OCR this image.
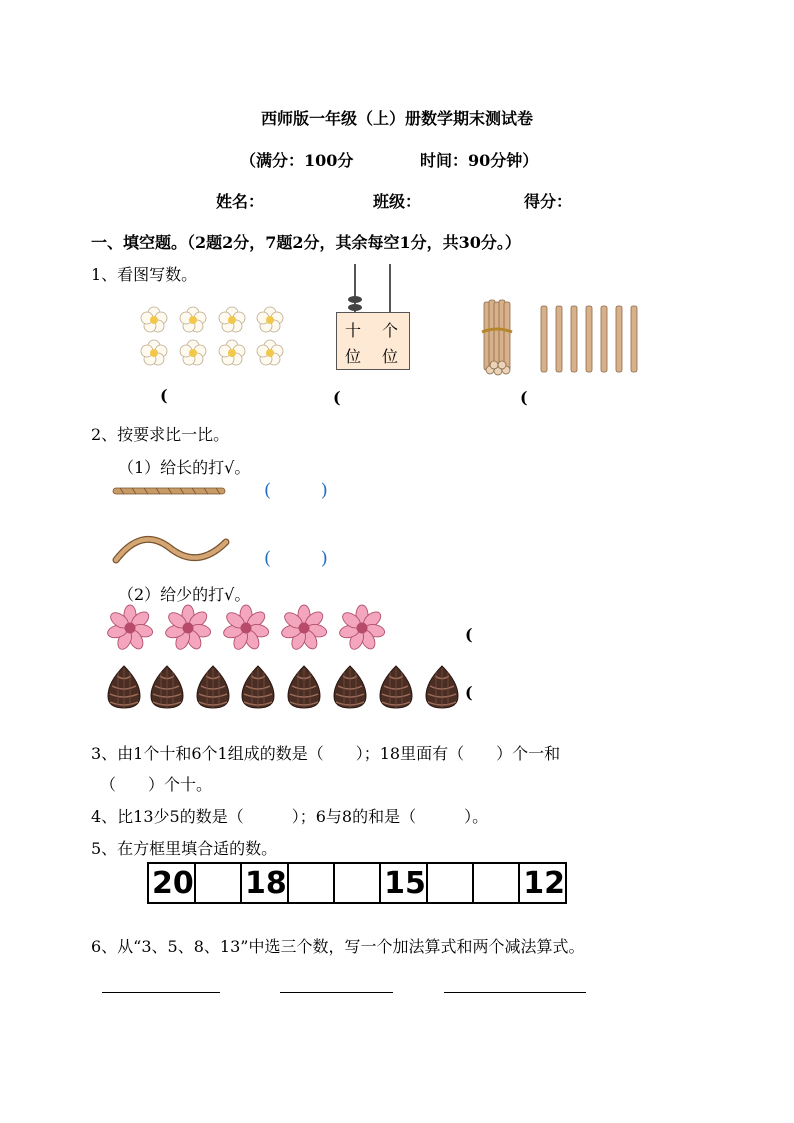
西师版一年级（上）册数学期末测试卷
（满分：100分	时间：90分钟）
姓名：	班级：	得分：
一、填空题。（2题2分，7题2分，其余每空1分，共30分。）
1、看图写数。
十 个
位 位
(	(	(
2、按要求比一比。
（1）给长的打√。
( )
( )
（2）给少的打√。
(
(
3、由1个十和6个1组成的数是（　　）；18里面有（　　）个一和
（　　）个十。
4、比13少5的数是（　　　）；6与8的和是（　　　）。
5、在方框里填合适的数。
20 18	15	12
6、从“3、5、8、13”中选三个数，写一个加法算式和两个减法算式。
